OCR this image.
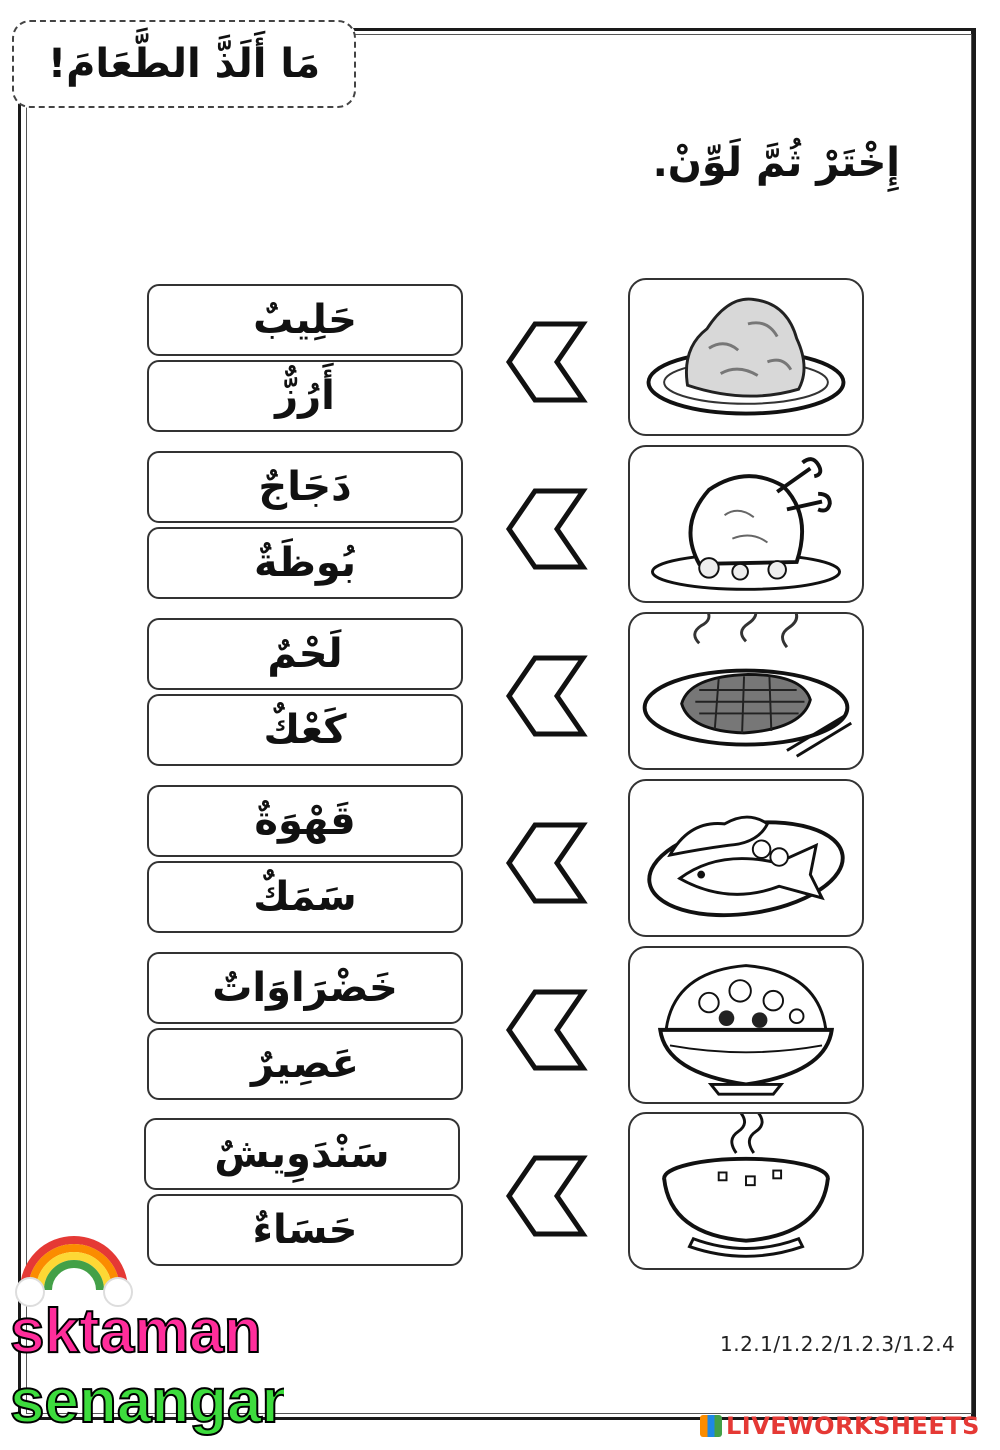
مَا أَلَذَّ الطَّعَامَ!
إِخْتَرْ ثُمَّ لَوِّنْ.
حَلِيبٌ
أَرُزٌّ
دَجَاجٌ
بُوظَةٌ
لَحْمٌ
كَعْكٌ
قَهْوَةٌ
سَمَكٌ
خَضْرَاوَاتٌ
عَصِيرٌ
سَنْدَوِيشٌ
حَسَاءٌ
1.2.1/1.2.2/1.2.3/1.2.4
sktaman
senangan	LIVEWORKSHEETS
